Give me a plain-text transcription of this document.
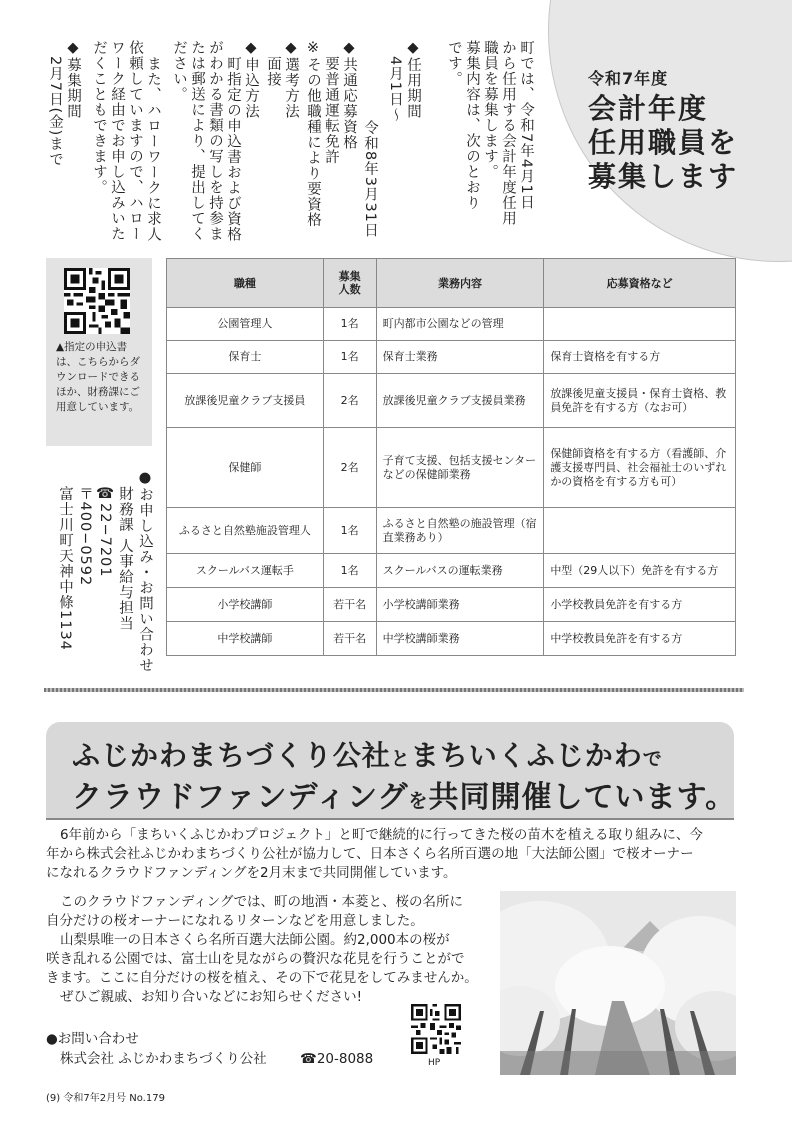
令和7年度
会計年度
任用職員を
募集します
町では、令和7年4月1日
から任用する会計年度任用
職員を募集します。
募集内容は、次のとおり
です。
◆任用期間
4月1日～
令和8年3月31日
◆共通応募資格
要普通運転免許
※その他職種により要資格
◆選考方法
面接
◆申込方法
町指定の申込書および資格
がわかる書類の写しを持参ま
たは郵送により、提出してく
ださい。
また、ハローワークに求人
依頼していますので、ハロー
ワーク経由でお申し込みいた
だくこともできます。
◆募集期間
2月7日(金)まで
▲指定の申込書は、こちらからダウンロードできるほか、財務課にご用意しています。
●お申し込み・お問い合わせ
財務課 人事給与担当
☎22−7201
〒400−0592
富士川町天神中條1134
職種	募集人数	業務内容	応募資格など
公園管理人	1名	町内都市公園などの管理	
保育士	1名	保育士業務	保育士資格を有する方
放課後児童クラブ支援員	2名	放課後児童クラブ支援員業務	放課後児童支援員・保育士資格、教員免許を有する方（なお可）
保健師	2名	子育て支援、包括支援センターなどの保健師業務	保健師資格を有する方（看護師、介護支援専門員、社会福祉士のいずれかの資格を有する方も可）
ふるさと自然塾施設管理人	1名	ふるさと自然塾の施設管理（宿直業務あり）	
スクールバス運転手	1名	スクールバスの運転業務	中型（29人以下）免許を有する方
小学校講師	若干名	小学校講師業務	小学校教員免許を有する方
中学校講師	若干名	中学校講師業務	中学校教員免許を有する方
ふじかわまちづくり公社とまちいくふじかわで
クラウドファンディングを共同開催しています。
6年前から「まちいくふじかわプロジェクト」と町で継続的に行ってきた桜の苗木を植える取り組みに、今
年から株式会社ふじかわまちづくり公社が協力して、日本さくら名所百選の地「大法師公園」で桜オーナー
になれるクラウドファンディングを2月末まで共同開催しています。
このクラウドファンディングでは、町の地酒・本菱と、桜の名所に
自分だけの桜オーナーになれるリターンなどを用意しました。
山梨県唯一の日本さくら名所百選大法師公園。約2,000本の桜が
咲き乱れる公園では、富士山を見ながらの贅沢な花見を行うことがで
きます。ここに自分だけの桜を植え、その下で花見をしてみませんか。
ぜひご親戚、お知り合いなどにお知らせください!
●お問い合わせ
株式会社 ふじかわまちづくり公社 ☎20-8088	HP
(9) 令和7年2月号 No.179
